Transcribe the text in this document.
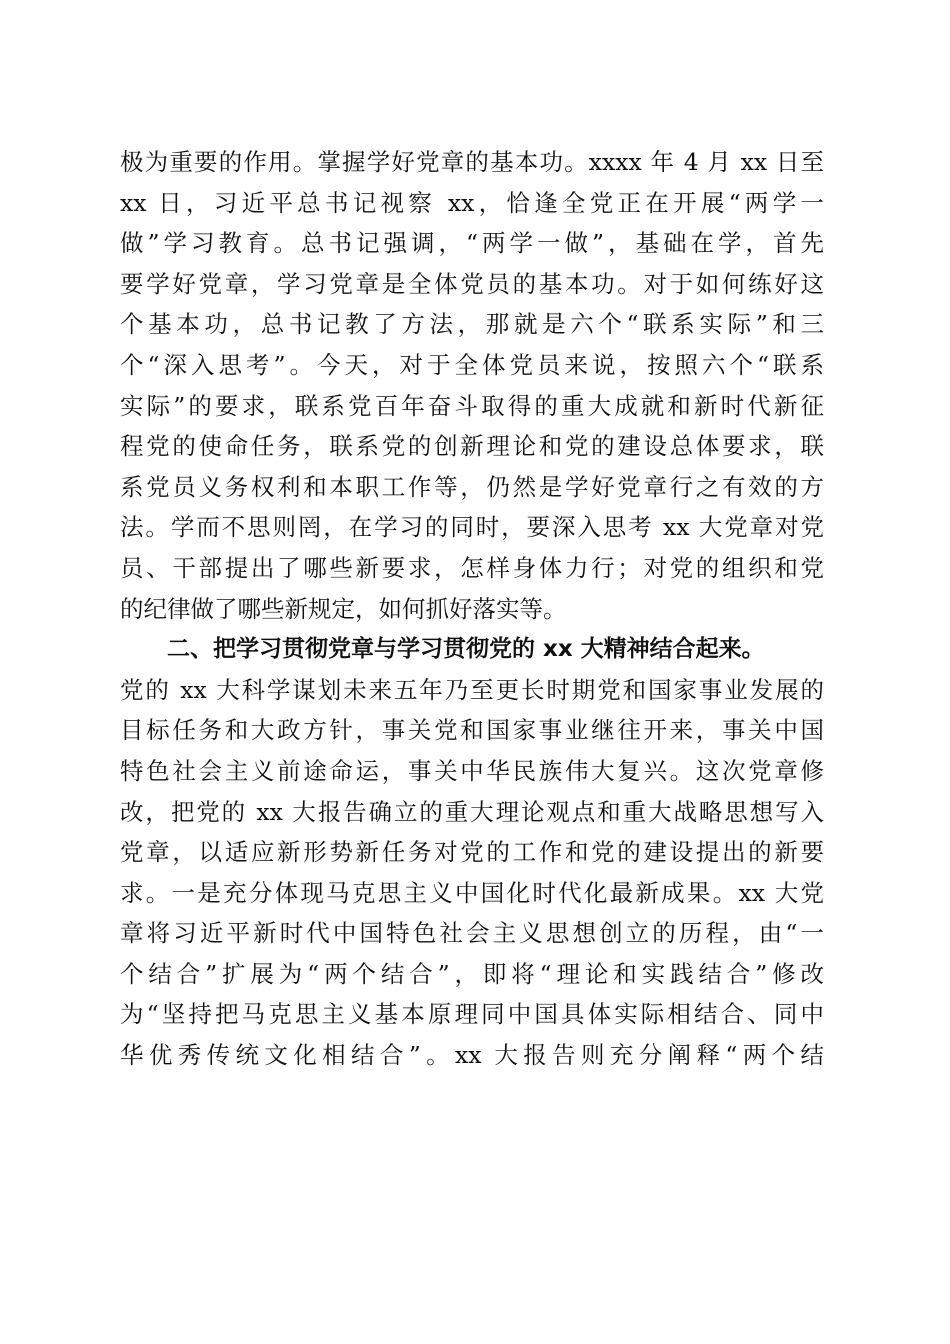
极为重要的作用。掌握学好党章的基本功。xxxx 年 4 月 xx 日至
xx 日，习近平总书记视察 xx，恰逢全党正在开展“两学一
做”学习教育。总书记强调，“两学一做”，基础在学，首先
要学好党章，学习党章是全体党员的基本功。对于如何练好这
个基本功，总书记教了方法，那就是六个“联系实际”和三
个“深入思考”。今天，对于全体党员来说，按照六个“联系
实际”的要求，联系党百年奋斗取得的重大成就和新时代新征
程党的使命任务，联系党的创新理论和党的建设总体要求，联
系党员义务权利和本职工作等，仍然是学好党章行之有效的方
法。学而不思则罔，在学习的同时，要深入思考 xx 大党章对党
员、干部提出了哪些新要求，怎样身体力行；对党的组织和党
的纪律做了哪些新规定，如何抓好落实等。
二、把学习贯彻党章与学习贯彻党的 xx 大精神结合起来。
党的 xx 大科学谋划未来五年乃至更长时期党和国家事业发展的
目标任务和大政方针，事关党和国家事业继往开来，事关中国
特色社会主义前途命运，事关中华民族伟大复兴。这次党章修
改，把党的 xx 大报告确立的重大理论观点和重大战略思想写入
党章，以适应新形势新任务对党的工作和党的建设提出的新要
求。一是充分体现马克思主义中国化时代化最新成果。xx 大党
章将习近平新时代中国特色社会主义思想创立的历程，由“一
个结合”扩展为“两个结合”，即将“理论和实践结合”修改
为“坚持把马克思主义基本原理同中国具体实际相结合、同中
华优秀传统文化相结合”。xx 大报告则充分阐释“两个结
